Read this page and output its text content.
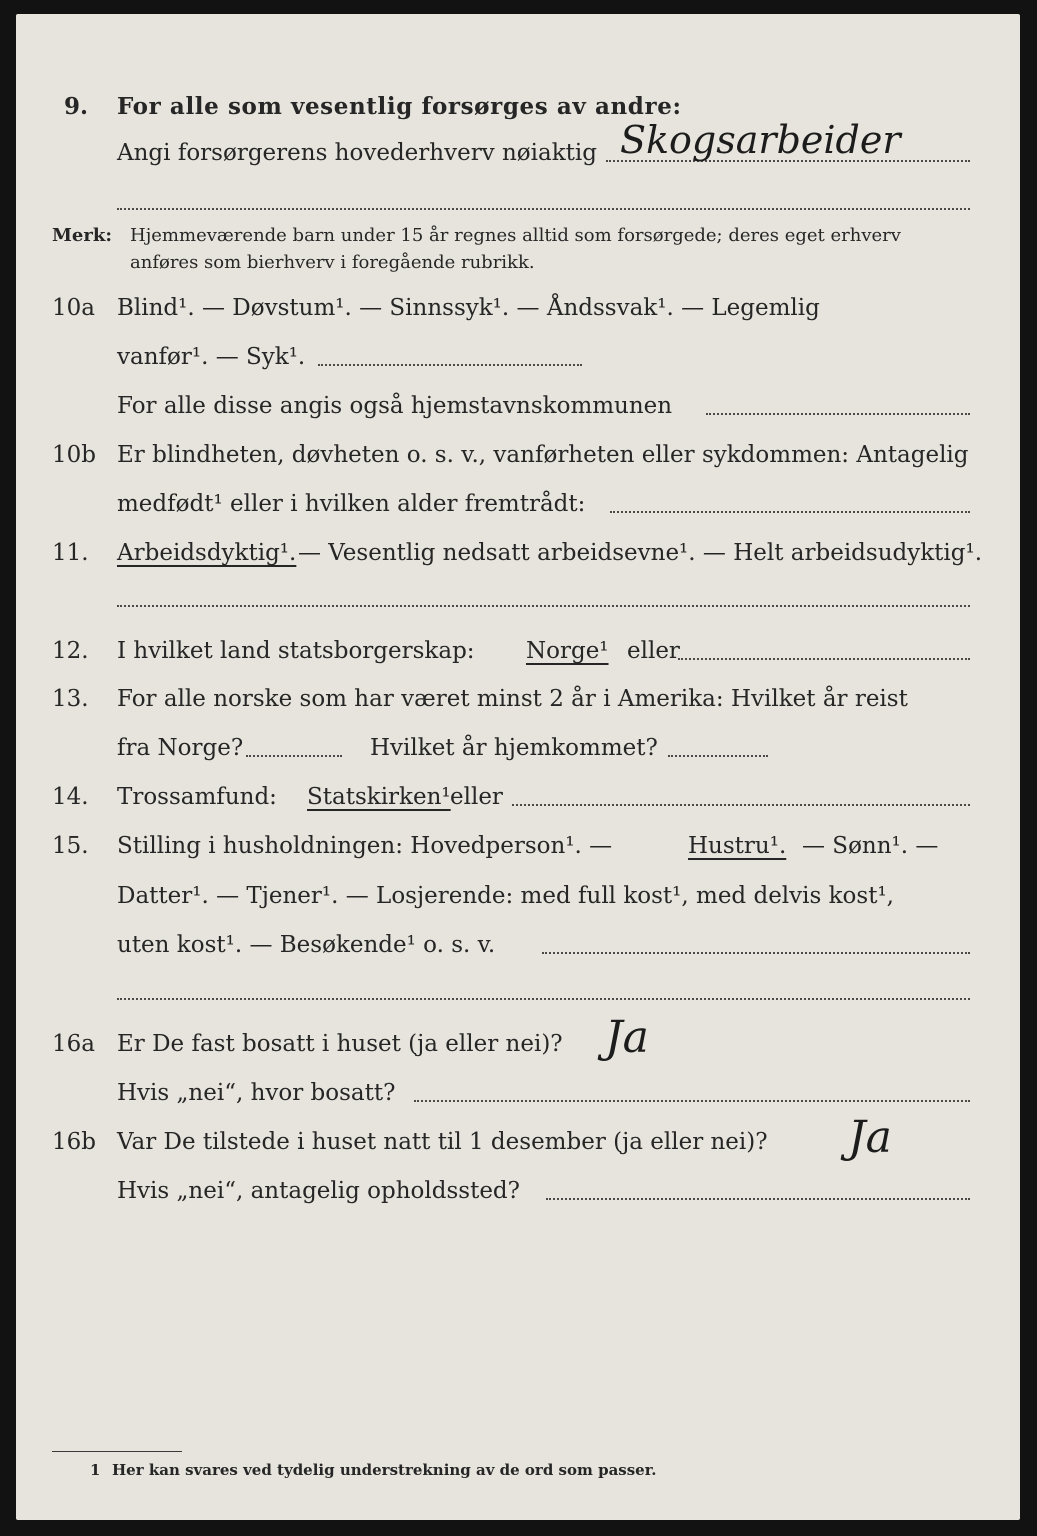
9. For alle som vesentlig forsørges av andre:
Angi forsørgerens hovederhverv nøiaktig Skogsarbeider
Merk: Hjemmeværende barn under 15 år regnes alltid som forsørgede; deres eget erhverv
anføres som bierhverv i foregående rubrikk.
10a Blind¹. — Døvstum¹. — Sinnssyk¹. — Åndssvak¹. — Legemlig
vanfør¹. — Syk¹.
For alle disse angis også hjemstavnskommunen
10b Er blindheten, døvheten o. s. v., vanførheten eller sykdommen: Antagelig
medfødt¹ eller i hvilken alder fremtrådt:
11. Arbeidsdyktig¹. — Vesentlig nedsatt arbeidsevne¹. — Helt arbeidsudyktig¹.
12. I hvilket land statsborgerskap: Norge¹ eller
13. For alle norske som har været minst 2 år i Amerika: Hvilket år reist
fra Norge?	Hvilket år hjemkommet?
14. Trossamfund: Statskirken¹ eller
15. Stilling i husholdningen: Hovedperson¹. —	Hustru¹. — Sønn¹. —
Datter¹. — Tjener¹. — Losjerende: med full kost¹, med delvis kost¹,
uten kost¹. — Besøkende¹ o. s. v.
16a Er De fast bosatt i huset (ja eller nei)? Ja
Hvis „nei“, hvor bosatt?
16b Var De tilstede i huset natt til 1 desember (ja eller nei)? Ja
Hvis „nei“, antagelig opholdssted?
1 Her kan svares ved tydelig understrekning av de ord som passer.
